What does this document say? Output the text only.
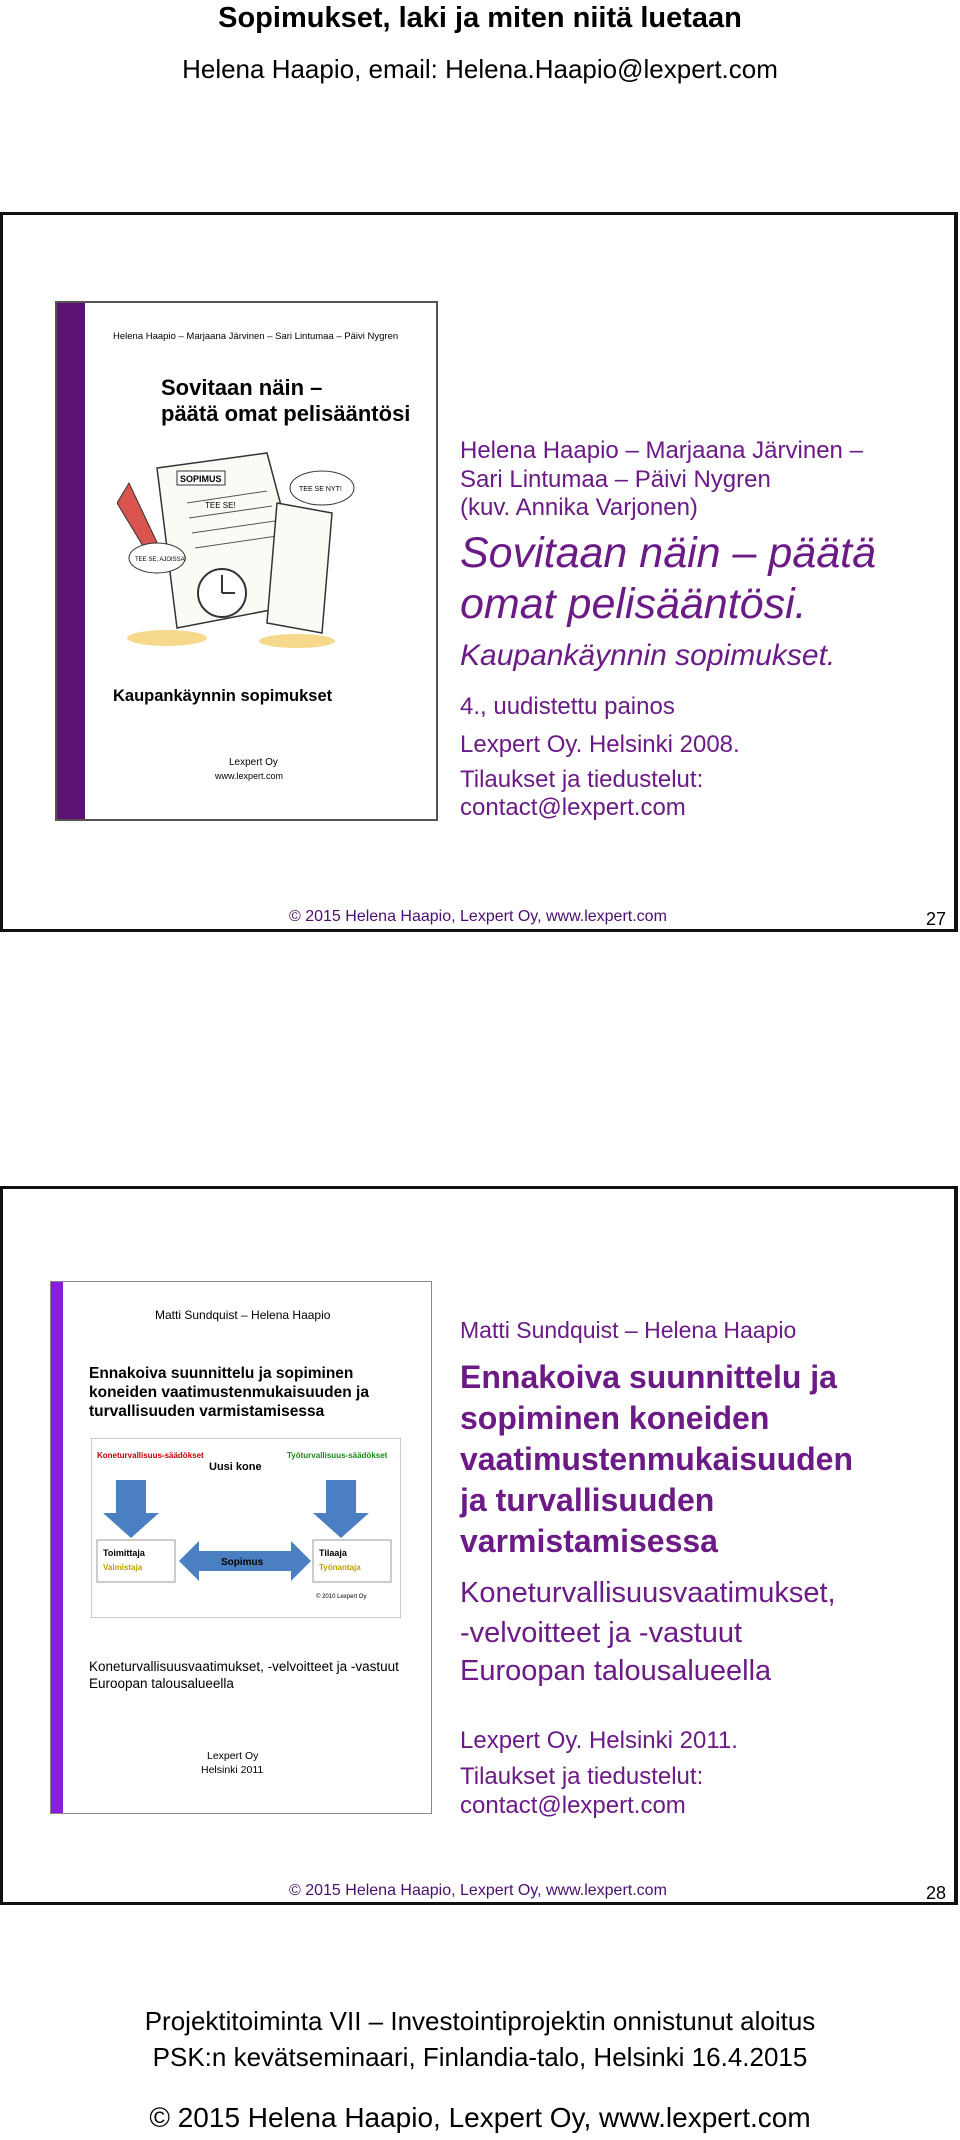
Sopimukset, laki ja miten niitä luetaan
Helena Haapio, email: Helena.Haapio@lexpert.com
Helena Haapio – Marjaana Järvinen – Sari Lintumaa – Päivi Nygren
Sovitaan näin –
päätä omat pelisääntösi
SOPIMUS
TEE SE!
TEE SE NYT!
TEE SE, AJOISSA!
Kaupankäynnin sopimukset
Lexpert Oy
www.lexpert.com
Helena Haapio – Marjaana Järvinen –
Sari Lintumaa – Päivi Nygren
(kuv. Annika Varjonen)
Sovitaan näin – päätä
omat pelisääntösi.
Kaupankäynnin sopimukset.
4., uudistettu painos
Lexpert Oy. Helsinki 2008.
Tilaukset ja tiedustelut:
contact@lexpert.com
© 2015 Helena Haapio, Lexpert Oy, www.lexpert.com	27
Matti Sundquist – Helena Haapio
Ennakoiva suunnittelu ja sopiminen koneiden vaatimustenmukaisuuden ja turvallisuuden varmistamisessa
Koneturvallisuus-säädökset
Uusi kone
Työturvallisuus-säädökset
Toimittaja
Valmistaja
Tilaaja
Työnantaja
Sopimus
© 2010 Lexpert Oy
Koneturvallisuusvaatimukset, -velvoitteet ja -vastuut Euroopan talousalueella
Lexpert Oy
Helsinki 2011
Matti Sundquist – Helena Haapio
Ennakoiva suunnittelu ja
sopiminen koneiden
vaatimustenmukaisuuden
ja turvallisuuden
varmistamisessa
Koneturvallisuusvaatimukset,
-velvoitteet ja -vastuut
Euroopan talousalueella
Lexpert Oy. Helsinki 2011.
Tilaukset ja tiedustelut:
contact@lexpert.com
© 2015 Helena Haapio, Lexpert Oy, www.lexpert.com	28
Projektitoiminta VII – Investointiprojektin onnistunut aloitus
PSK:n kevätseminaari, Finlandia-talo, Helsinki 16.4.2015
© 2015 Helena Haapio, Lexpert Oy, www.lexpert.com
